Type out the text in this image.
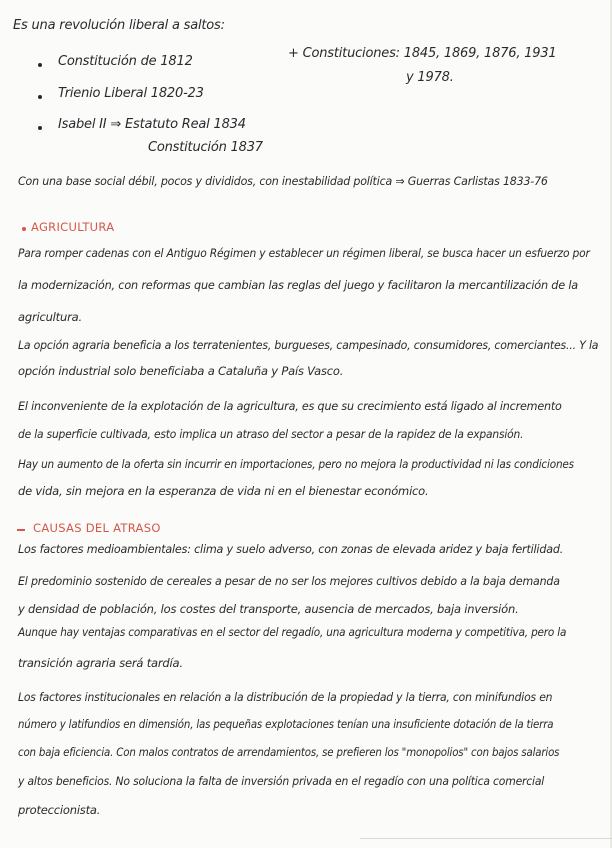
Es una revolución liberal a saltos:
Constitución de 1812
Trienio Liberal 1820-23
Isabel II ⇒ Estatuto Real 1834
Constitución 1837
+ Constituciones: 1845, 1869, 1876, 1931
y 1978.
Con una base social débil, pocos y divididos, con inestabilidad política ⇒ Guerras Carlistas 1833-76
AGRICULTURA
Para romper cadenas con el Antiguo Régimen y establecer un régimen liberal, se busca hacer un esfuerzo por
la modernización, con reformas que cambian las reglas del juego y facilitaron la mercantilización de la
agricultura.
La opción agraria beneficia a los terratenientes, burgueses, campesinado, consumidores, comerciantes... Y la
opción industrial solo beneficiaba a Cataluña y País Vasco.
El inconveniente de la explotación de la agricultura, es que su crecimiento está ligado al incremento
de la superficie cultivada, esto implica un atraso del sector a pesar de la rapidez de la expansión.
Hay un aumento de la oferta sin incurrir en importaciones, pero no mejora la productividad ni las condiciones
de vida, sin mejora en la esperanza de vida ni en el bienestar económico.
CAUSAS DEL ATRASO
Los factores medioambientales: clima y suelo adverso, con zonas de elevada aridez y baja fertilidad.
El predominio sostenido de cereales a pesar de no ser los mejores cultivos debido a la baja demanda
y densidad de población, los costes del transporte, ausencia de mercados, baja inversión.
Aunque hay ventajas comparativas en el sector del regadío, una agricultura moderna y competitiva, pero la
transición agraria será tardía.
Los factores institucionales en relación a la distribución de la propiedad y la tierra, con minifundios en
número y latifundios en dimensión, las pequeñas explotaciones tenían una insuficiente dotación de la tierra
con baja eficiencia. Con malos contratos de arrendamientos, se prefieren los "monopolios" con bajos salarios
y altos beneficios. No soluciona la falta de inversión privada en el regadío con una política comercial
proteccionista.
